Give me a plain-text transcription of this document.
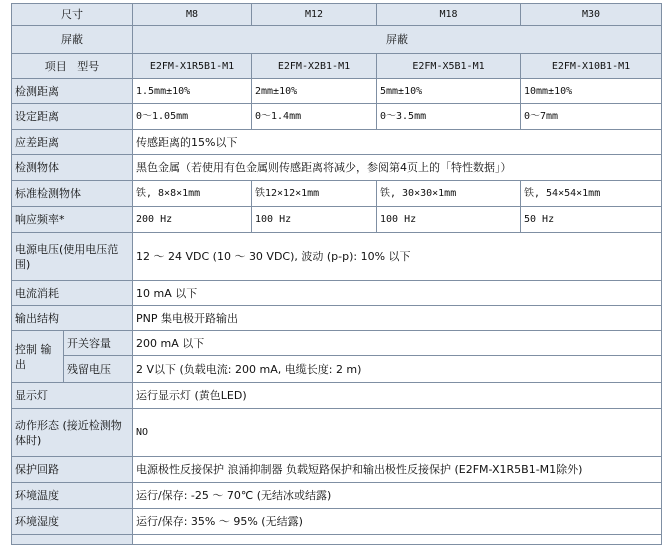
尺寸		M8	M12	M18	M30
屏蔽		屏蔽			
项目 型号		E2FM-X1R5B1-M1	E2FM-X2B1-M1	E2FM-X5B1-M1	E2FM-X10B1-M1
检测距离		1.5mm±10%	2mm±10%	5mm±10%	10mm±10%
设定距离		0～1.05mm	0～1.4mm	0～3.5mm	0～7mm
应差距离		传感距离的15%以下			
检测物体		黑色金属（若使用有色金属则传感距离将减少，参阅第4页上的「特性数据」）			
标准检测物体		铁, 8×8×1mm	铁12×12×1mm	铁, 30×30×1mm	铁, 54×54×1mm
响应频率*		200 Hz	100 Hz	100 Hz	50 Hz
电源电压(使用电压范围)		12 ～ 24 VDC (10 ～ 30 VDC), 波动 (p-p): 10% 以下			
电流消耗		10 mA 以下			
输出结构		PNP 集电极开路输出			
控制 输出	开关容量	200 mA 以下			
	残留电压	2 V以下 (负载电流: 200 mA, 电缆长度: 2 m)			
显示灯		运行显示灯 (黄色LED)			
动作形态 (接近检测物体时)		NO			
保护回路		电源极性反接保护 浪涌抑制器 负载短路保护和输出极性反接保护 (E2FM-X1R5B1-M1除外)			
环境温度		运行/保存: -25 ～ 70℃ (无结冰或结露)			
环境湿度		运行/保存: 35% ～ 95% (无结露)			
